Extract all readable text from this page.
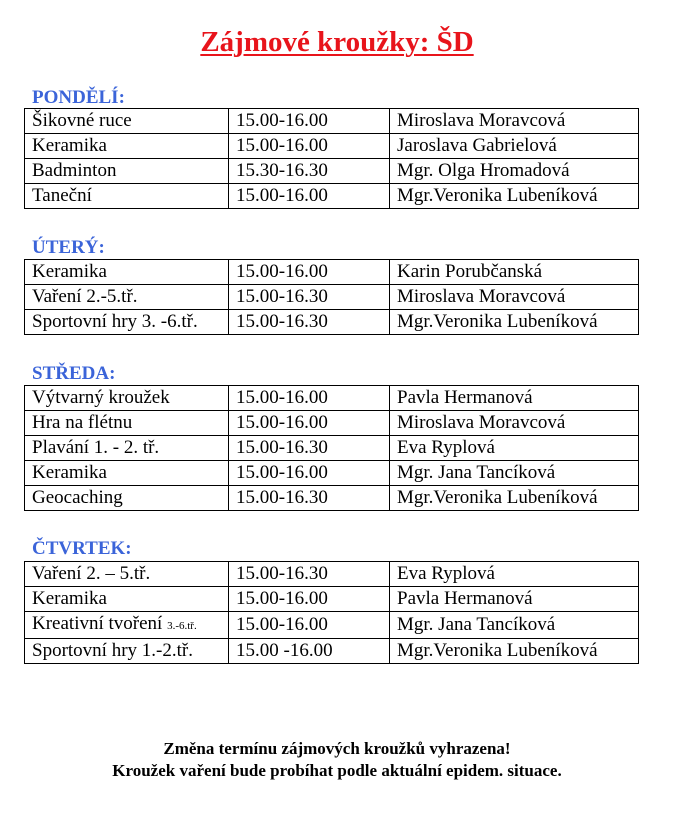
Zájmové kroužky: ŠD
PONDĚLÍ:
Šikovné ruce	15.00-16.00	Miroslava Moravcová
Keramika	15.00-16.00	Jaroslava Gabrielová
Badminton	15.30-16.30	Mgr. Olga Hromadová
Taneční	15.00-16.00	Mgr.Veronika Lubeníková
ÚTERÝ:
Keramika	15.00-16.00	Karin Porubčanská
Vaření 2.-5.tř.	15.00-16.30	Miroslava Moravcová
Sportovní hry 3. -6.tř.	15.00-16.30	Mgr.Veronika Lubeníková
STŘEDA:
Výtvarný kroužek	15.00-16.00	Pavla Hermanová
Hra na flétnu	15.00-16.00	Miroslava Moravcová
Plavání 1. - 2. tř.	15.00-16.30	Eva Ryplová
Keramika	15.00-16.00	Mgr. Jana Tancíková
Geocaching	15.00-16.30	Mgr.Veronika Lubeníková
ČTVRTEK:
Vaření 2. – 5.tř.	15.00-16.30	Eva Ryplová
Keramika	15.00-16.00	Pavla Hermanová
Kreativní tvoření 3.-6.tř.	15.00-16.00	Mgr. Jana Tancíková
Sportovní hry 1.-2.tř.	15.00 -16.00	Mgr.Veronika Lubeníková

Změna termínu zájmových kroužků vyhrazena!

Kroužek vaření bude probíhat podle aktuální epidem. situace.
